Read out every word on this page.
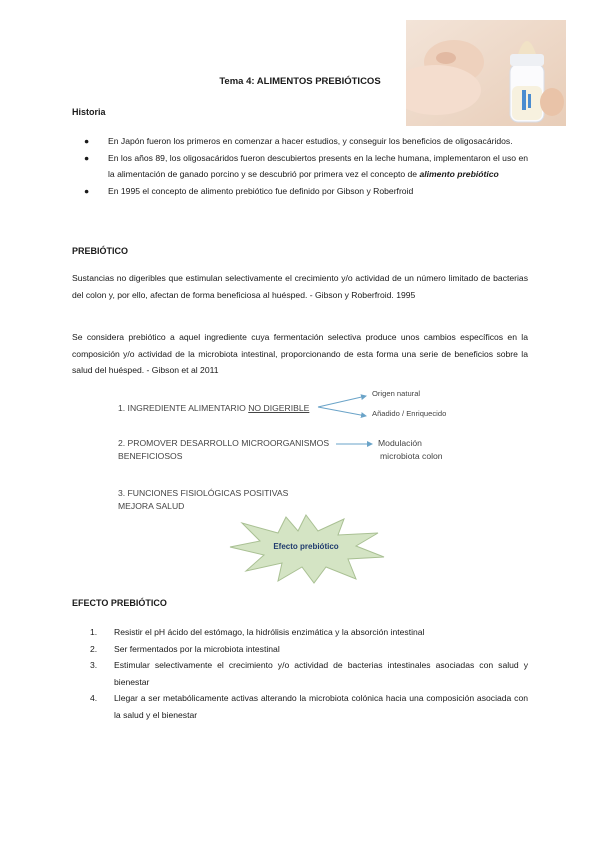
Tema 4: ALIMENTOS PREBIÓTICOS
Historia
● En Japón fueron los primeros en comenzar a hacer estudios, y conseguir los beneficios de oligosacáridos.
● En los años 89, los oligosacáridos fueron descubiertos presents en la leche humana, implementaron el uso en la alimentación de ganado porcino y se descubrió por primera vez el concepto de alimento prebiótico
● En 1995 el concepto de alimento prebiótico fue definido por Gibson y Roberfroid
PREBIÓTICO
Sustancias no digeribles que estimulan selectivamente el crecimiento y/o actividad de un número limitado de bacterias del colon y, por ello, afectan de forma beneficiosa al huésped. - Gibson y Roberfroid. 1995
Se considera prebiótico a aquel ingrediente cuya fermentación selectiva produce unos cambios específicos en la composición y/o actividad de la microbiota intestinal, proporcionando de esta forma una serie de beneficios sobre la salud del huésped. - Gibson et al 2011
1. INGREDIENTE ALIMENTARIO NO DIGERIBLE
Origen natural
Añadido / Enriquecido
2. PROMOVER DESARROLLO MICROORGANISMOS
BENEFICIOSOS
Modulación
microbiota colon
3. FUNCIONES FISIOLÓGICAS POSITIVAS
MEJORA SALUD
Efecto prebiótico
EFECTO PREBIÓTICO
1. Resistir el pH ácido del estómago, la hidrólisis enzimática y la absorción intestinal
2. Ser fermentados por la microbiota intestinal
3. Estimular selectivamente el crecimiento y/o actividad de bacterias intestinales asociadas con salud y bienestar
4. Llegar a ser metabólicamente activas alterando la microbiota colónica hacia una composición asociada con la salud y el bienestar
